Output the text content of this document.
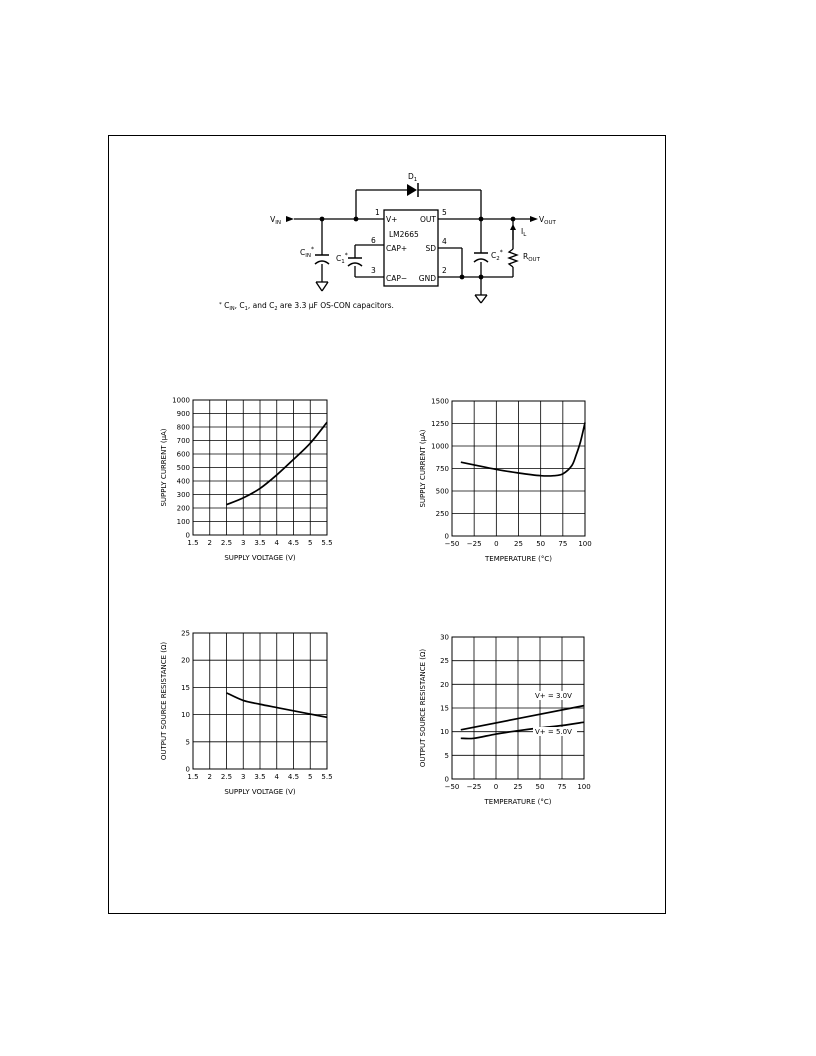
$V_{IN}$	$V_{OUT}$
$D_1$
$C_{IN}^*$
$C_1^*$	$C_2^*$
$I_L$
$R_{OUT}$
LM2665
1
V+
5
OUT
6
CAP+
4
SD
3
CAP−
2
GND
* $C_{IN}$, $C_1$, and $C_2$ are 3.3 μF OS-CON capacitors.
1.5 2 2.5 3 3.5 4 4.5 5 5.5
0
100
200
300
400
500
600
700
800
900
1000
SUPPLY VOLTAGE (V)
SUPPLY CURRENT (μA)
−50 −25 0 25 50 75 100
0
250
500
750
1000
1250
1500
TEMPERATURE (°C)
SUPPLY CURRENT (μA)
1.5 2 2.5 3 3.5 4 4.5 5 5.5
0
5
10
15
20
25
SUPPLY VOLTAGE (V)
OUTPUT SOURCE RESISTANCE (Ω)
−50 −25 0 25 50 75 100
0
5
10
15
20
25
30
TEMPERATURE (°C)
OUTPUT SOURCE RESISTANCE (Ω)	V+ = 3.0V
V+ = 5.0V
